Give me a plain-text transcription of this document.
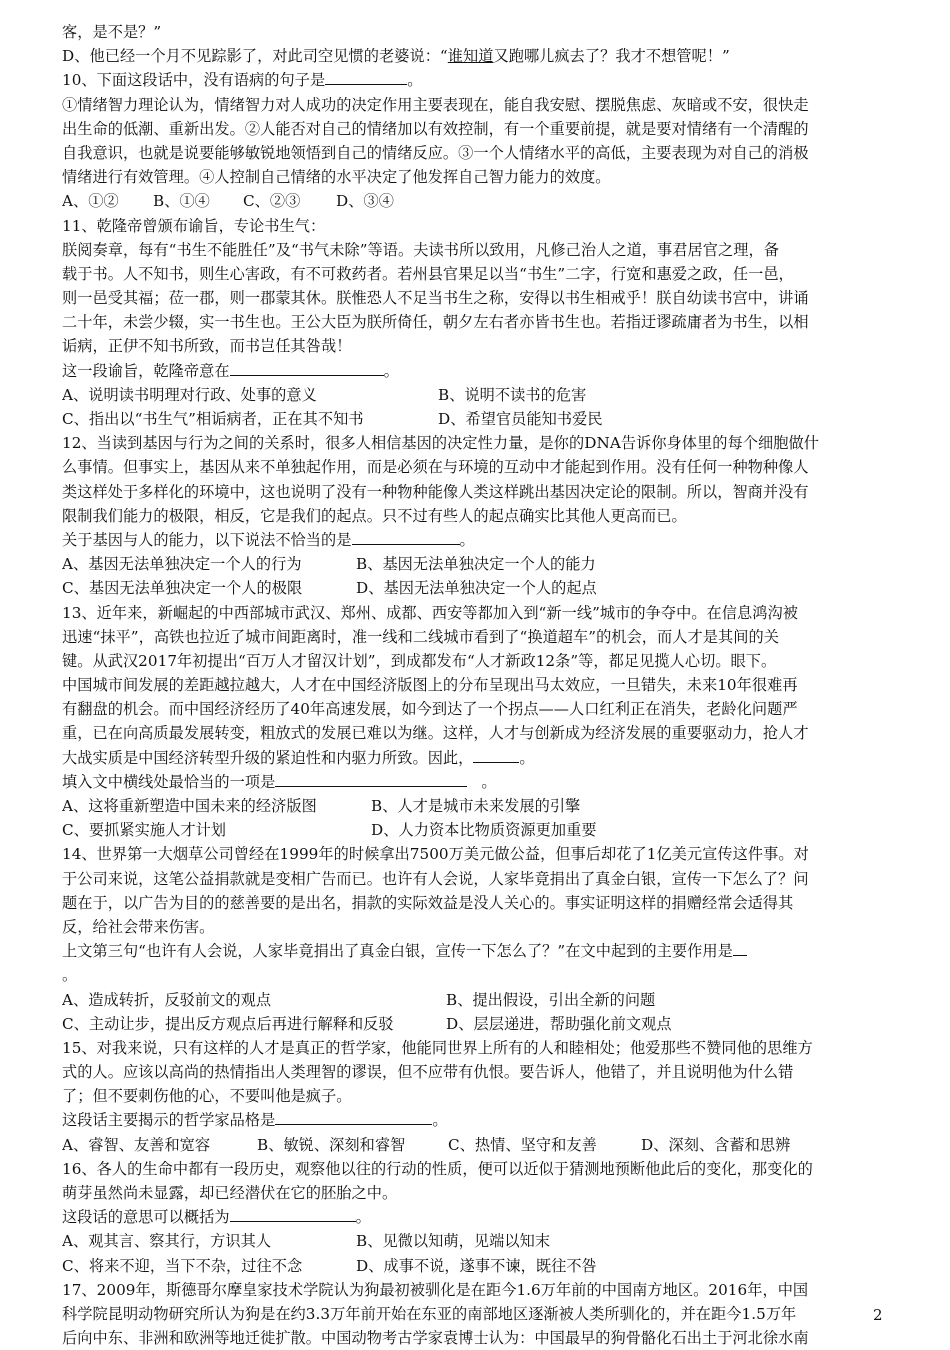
客，是不是？”
D、他已经一个月不见踪影了，对此司空见惯的老婆说：“谁知道又跑哪儿疯去了？我才不想管呢！”
10、下面这段话中，没有语病的句子是	。
①情绪智力理论认为，情绪智力对人成功的决定作用主要表现在，能自我安慰、摆脱焦虑、灰暗或不安，很快走
出生命的低潮、重新出发。②人能否对自己的情绪加以有效控制，有一个重要前提，就是要对情绪有一个清醒的
自我意识，也就是说要能够敏锐地领悟到自己的情绪反应。③一个人情绪水平的高低，主要表现为对自己的消极
情绪进行有效管理。④人控制自己情绪的水平决定了他发挥自己智力能力的效度。
A、①② B、①④ C、②③ D、③④
11、乾隆帝曾颁布谕旨，专论书生气：
朕阅奏章，每有“书生不能胜任”及“书气未除”等语。夫读书所以致用，凡修己治人之道，事君居官之理，备
载于书。人不知书，则生心害政，有不可救药者。若州县官果足以当“书生”二字，行宽和惠爱之政，任一邑，
则一邑受其福；莅一郡，则一郡蒙其休。朕惟恐人不足当书生之称，安得以书生相戒乎！朕自幼读书宫中，讲诵
二十年，未尝少辍，实一书生也。王公大臣为朕所倚任，朝夕左右者亦皆书生也。若指迂谬疏庸者为书生，以相
诟病，正伊不知书所致，而书岂任其咎哉！
这一段谕旨，乾隆帝意在	。
A、说明读书明理对行政、处事的意义	B、说明不读书的危害
C、指出以“书生气”相诟病者，正在其不知书	D、希望官员能知书爱民
12、当读到基因与行为之间的关系时，很多人相信基因的决定性力量，是你的DNA告诉你身体里的每个细胞做什
么事情。但事实上，基因从来不单独起作用，而是必须在与环境的互动中才能起到作用。没有任何一种物种像人
类这样处于多样化的环境中，这也说明了没有一种物种能像人类这样跳出基因决定论的限制。所以，智商并没有
限制我们能力的极限，相反，它是我们的起点。只不过有些人的起点确实比其他人更高而已。
关于基因与人的能力，以下说法不恰当的是	。
A、基因无法单独决定一个人的行为	B、基因无法单独决定一个人的能力
C、基因无法单独决定一个人的极限	D、基因无法单独决定一个人的起点
13、近年来，新崛起的中西部城市武汉、郑州、成都、西安等都加入到“新一线”城市的争夺中。在信息鸿沟被
迅速“抹平”，高铁也拉近了城市间距离时，准一线和二线城市看到了“换道超车”的机会，而人才是其间的关
键。从武汉2017年初提出“百万人才留汉计划”，到成都发布“人才新政12条”等，都足见揽人心切。眼下。
中国城市间发展的差距越拉越大，人才在中国经济版图上的分布呈现出马太效应，一旦错失，未来10年很难再
有翻盘的机会。而中国经济经历了40年高速发展，如今到达了一个拐点——人口红利正在消失，老龄化问题严
重，已在向高质最发展转变，粗放式的发展已难以为继。这样，人才与创新成为经济发展的重要驱动力，抢人才
大战实质是中国经济转型升级的紧迫性和内驱力所致。因此，	。
填入文中横线处最恰当的一项是	。
A、这将重新塑造中国未来的经济版图	B、人才是城市未来发展的引擎
C、要抓紧实施人才计划	D、人力资本比物质资源更加重要
14、世界第一大烟草公司曾经在1999年的时候拿出7500万美元做公益，但事后却花了1亿美元宣传这件事。对
于公司来说，这笔公益捐款就是变相广告而已。也许有人会说，人家毕竟捐出了真金白银，宣传一下怎么了？问
题在于，以广告为目的的慈善要的是出名，捐款的实际效益是没人关心的。事实证明这样的捐赠经常会适得其
反，给社会带来伤害。
上文第三句“也许有人会说，人家毕竟捐出了真金白银，宣传一下怎么了？”在文中起到的主要作用是
。
A、造成转折，反驳前文的观点	B、提出假设，引出全新的问题
C、主动让步，提出反方观点后再进行解释和反驳	D、层层递进，帮助强化前文观点
15、对我来说，只有这样的人才是真正的哲学家，他能同世界上所有的人和睦相处；他爱那些不赞同他的思维方
式的人。应该以高尚的热情指出人类理智的谬误，但不应带有仇恨。要告诉人，他错了，并且说明他为什么错
了；但不要刺伤他的心，不要叫他是疯子。
这段话主要揭示的哲学家品格是	。
A、睿智、友善和宽容	B、敏锐、深刻和睿智	C、热情、坚守和友善	D、深刻、含蓄和思辨
16、各人的生命中都有一段历史，观察他以往的行动的性质，便可以近似于猜测地预断他此后的变化，那变化的
萌芽虽然尚未显露，却已经潜伏在它的胚胎之中。
这段话的意思可以概括为	。
A、观其言、察其行，方识其人	B、见微以知萌，见端以知末
C、将来不迎，当下不杂，过往不念	D、成事不说，遂事不谏，既往不咎
17、2009年，斯德哥尔摩皇家技术学院认为狗最初被驯化是在距今1.6万年前的中国南方地区。2016年，中国
科学院昆明动物研究所认为狗是在约3.3万年前开始在东亚的南部地区逐渐被人类所驯化的，并在距今1.5万年
后向中东、非洲和欧洲等地迁徙扩散。中国动物考古学家袁博士认为：中国最早的狗骨骼化石出土于河北徐水南
2
